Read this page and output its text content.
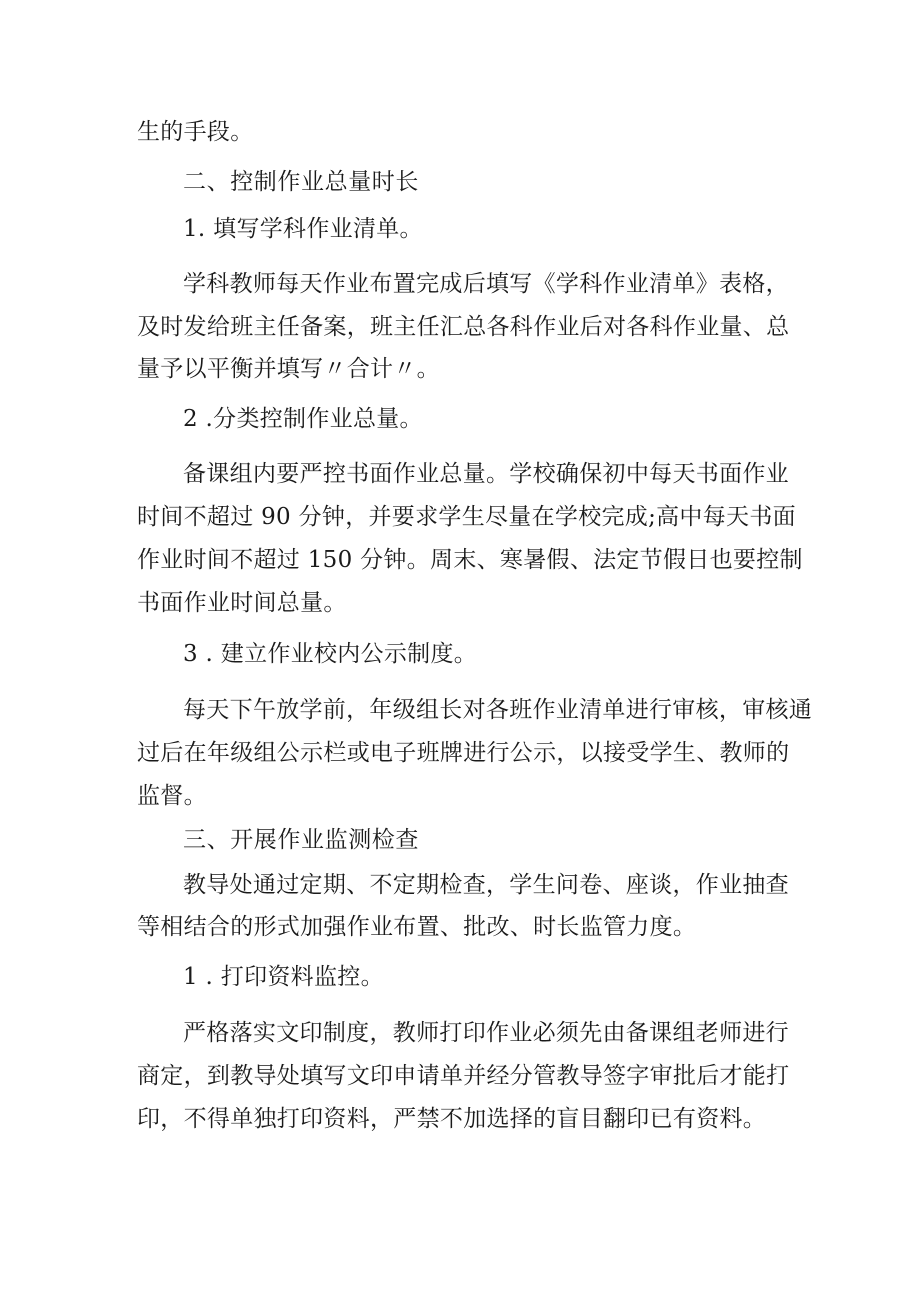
生的手段。
二、控制作业总量时长
1. 填写学科作业清单。
学科教师每天作业布置完成后填写《学科作业清单》表格，
及时发给班主任备案，班主任汇总各科作业后对各科作业量、总
量予以平衡并填写〃合计〃。
2 .分类控制作业总量。
备课组内要严控书面作业总量。学校确保初中每天书面作业
时间不超过 90 分钟，并要求学生尽量在学校完成;高中每天书面
作业时间不超过 150 分钟。周末、寒暑假、法定节假日也要控制
书面作业时间总量。
3 . 建立作业校内公示制度。
每天下午放学前，年级组长对各班作业清单进行审核，审核通
过后在年级组公示栏或电子班牌进行公示，以接受学生、教师的
监督。
三、开展作业监测检查
教导处通过定期、不定期检查，学生问卷、座谈，作业抽查
等相结合的形式加强作业布置、批改、时长监管力度。
1 . 打印资料监控。
严格落实文印制度，教师打印作业必须先由备课组老师进行
商定，到教导处填写文印申请单并经分管教导签字审批后才能打
印，不得单独打印资料，严禁不加选择的盲目翻印已有资料。
